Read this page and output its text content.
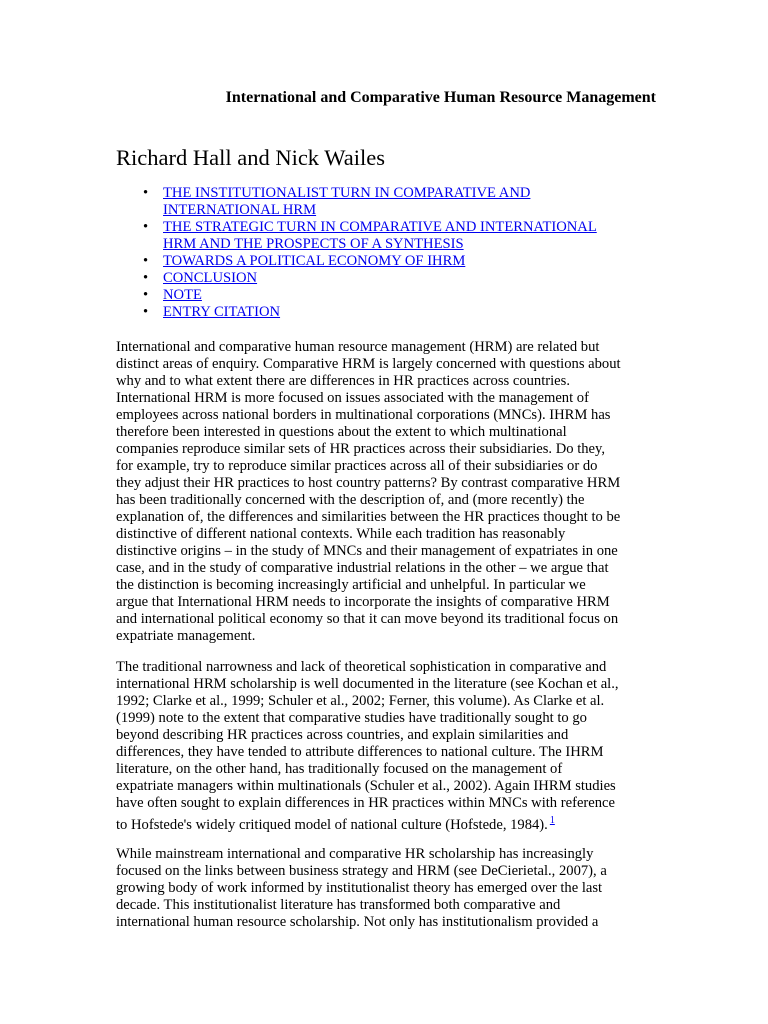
International and Comparative Human Resource Management
Richard Hall and Nick Wailes
• THE INSTITUTIONALIST TURN IN COMPARATIVE AND
INTERNATIONAL HRM
• THE STRATEGIC TURN IN COMPARATIVE AND INTERNATIONAL
HRM AND THE PROSPECTS OF A SYNTHESIS
• TOWARDS A POLITICAL ECONOMY OF IHRM
• CONCLUSION
• NOTE
• ENTRY CITATION

International and comparative human resource management (HRM) are related but
distinct areas of enquiry. Comparative HRM is largely concerned with questions about
why and to what extent there are differences in HR practices across countries.
International HRM is more focused on issues associated with the management of
employees across national borders in multinational corporations (MNCs). IHRM has
therefore been interested in questions about the extent to which multinational
companies reproduce similar sets of HR practices across their subsidiaries. Do they,
for example, try to reproduce similar practices across all of their subsidiaries or do
they adjust their HR practices to host country patterns? By contrast comparative HRM
has been traditionally concerned with the description of, and (more recently) the
explanation of, the differences and similarities between the HR practices thought to be
distinctive of different national contexts. While each tradition has reasonably
distinctive origins – in the study of MNCs and their management of expatriates in one
case, and in the study of comparative industrial relations in the other – we argue that
the distinction is becoming increasingly artificial and unhelpful. In particular we
argue that International HRM needs to incorporate the insights of comparative HRM
and international political economy so that it can move beyond its traditional focus on
expatriate management.

The traditional narrowness and lack of theoretical sophistication in comparative and
international HRM scholarship is well documented in the literature (see Kochan et al.,
1992; Clarke et al., 1999; Schuler et al., 2002; Ferner, this volume). As Clarke et al.
(1999) note to the extent that comparative studies have traditionally sought to go
beyond describing HR practices across countries, and explain similarities and
differences, they have tended to attribute differences to national culture. The IHRM
literature, on the other hand, has traditionally focused on the management of
expatriate managers within multinationals (Schuler et al., 2002). Again IHRM studies
have often sought to explain differences in HR practices within MNCs with reference
to Hofstede's widely critiqued model of national culture (Hofstede, 1984). $^1$

While mainstream international and comparative HR scholarship has increasingly
focused on the links between business strategy and HRM (see DeCierietal., 2007), a
growing body of work informed by institutionalist theory has emerged over the last
decade. This institutionalist literature has transformed both comparative and
international human resource scholarship. Not only has institutionalism provided a
